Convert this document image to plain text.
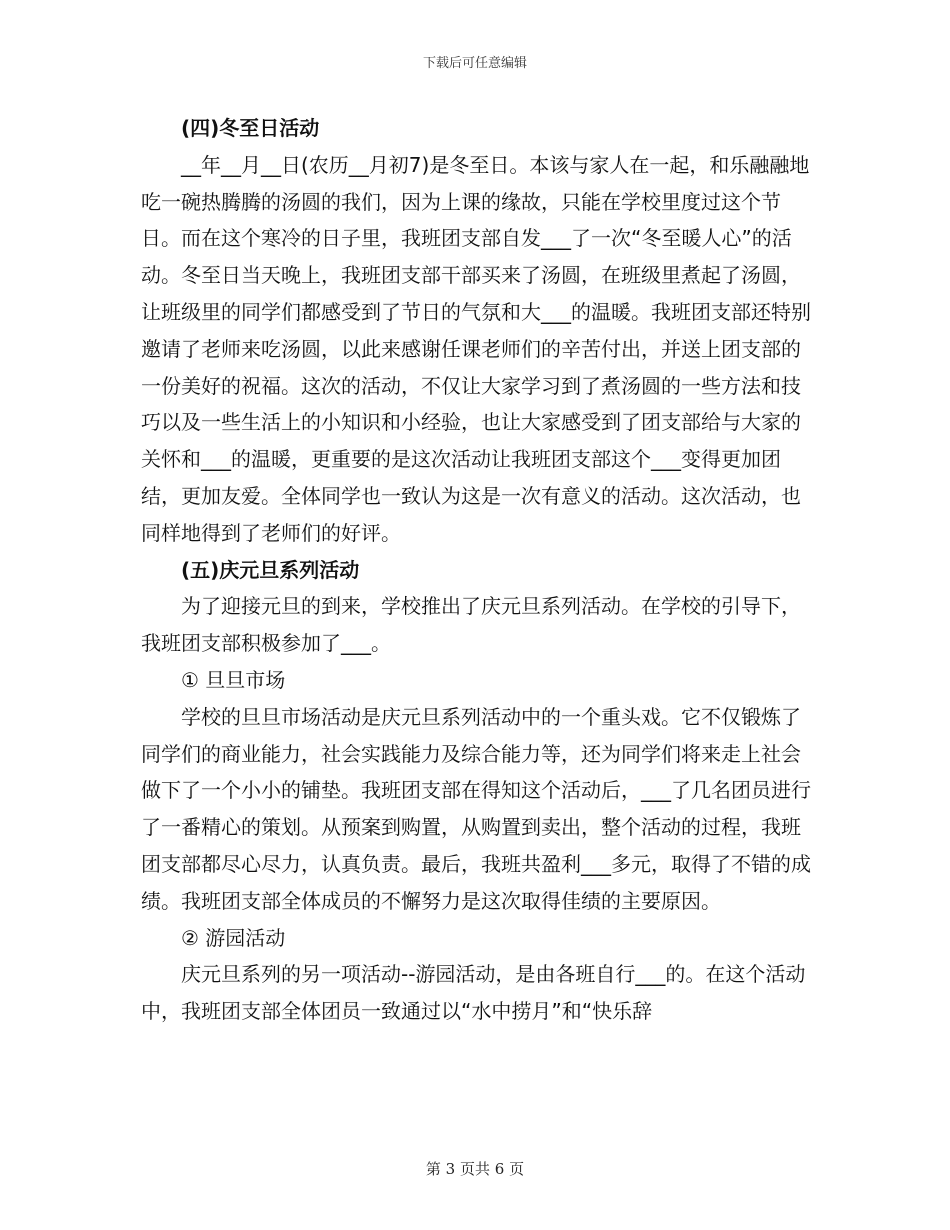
下载后可任意编辑

(四)冬至日活动

__年__月__日(农历__月初7)是冬至日。本该与家人在一起，和乐融融地吃一碗热腾腾的汤圆的我们，因为上课的缘故，只能在学校里度过这个节日。而在这个寒冷的日子里，我班团支部自发___了一次“冬至暖人心”的活动。冬至日当天晚上，我班团支部干部买来了汤圆，在班级里煮起了汤圆，让班级里的同学们都感受到了节日的气氛和大___的温暖。我班团支部还特别邀请了老师来吃汤圆，以此来感谢任课老师们的辛苦付出，并送上团支部的一份美好的祝福。这次的活动，不仅让大家学习到了煮汤圆的一些方法和技巧以及一些生活上的小知识和小经验，也让大家感受到了团支部给与大家的关怀和___的温暖，更重要的是这次活动让我班团支部这个___变得更加团结，更加友爱。全体同学也一致认为这是一次有意义的活动。这次活动，也同样地得到了老师们的好评。

(五)庆元旦系列活动

为了迎接元旦的到来，学校推出了庆元旦系列活动。在学校的引导下，我班团支部积极参加了___。

① 旦旦市场

学校的旦旦市场活动是庆元旦系列活动中的一个重头戏。它不仅锻炼了同学们的商业能力，社会实践能力及综合能力等，还为同学们将来走上社会做下了一个小小的铺垫。我班团支部在得知这个活动后，___了几名团员进行了一番精心的策划。从预案到购置，从购置到卖出，整个活动的过程，我班团支部都尽心尽力，认真负责。最后，我班共盈利___多元，取得了不错的成绩。我班团支部全体成员的不懈努力是这次取得佳绩的主要原因。

② 游园活动

庆元旦系列的另一项活动--游园活动，是由各班自行___的。在这个活动中，我班团支部全体团员一致通过以“水中捞月”和“快乐辞

第 3 页共 6 页
